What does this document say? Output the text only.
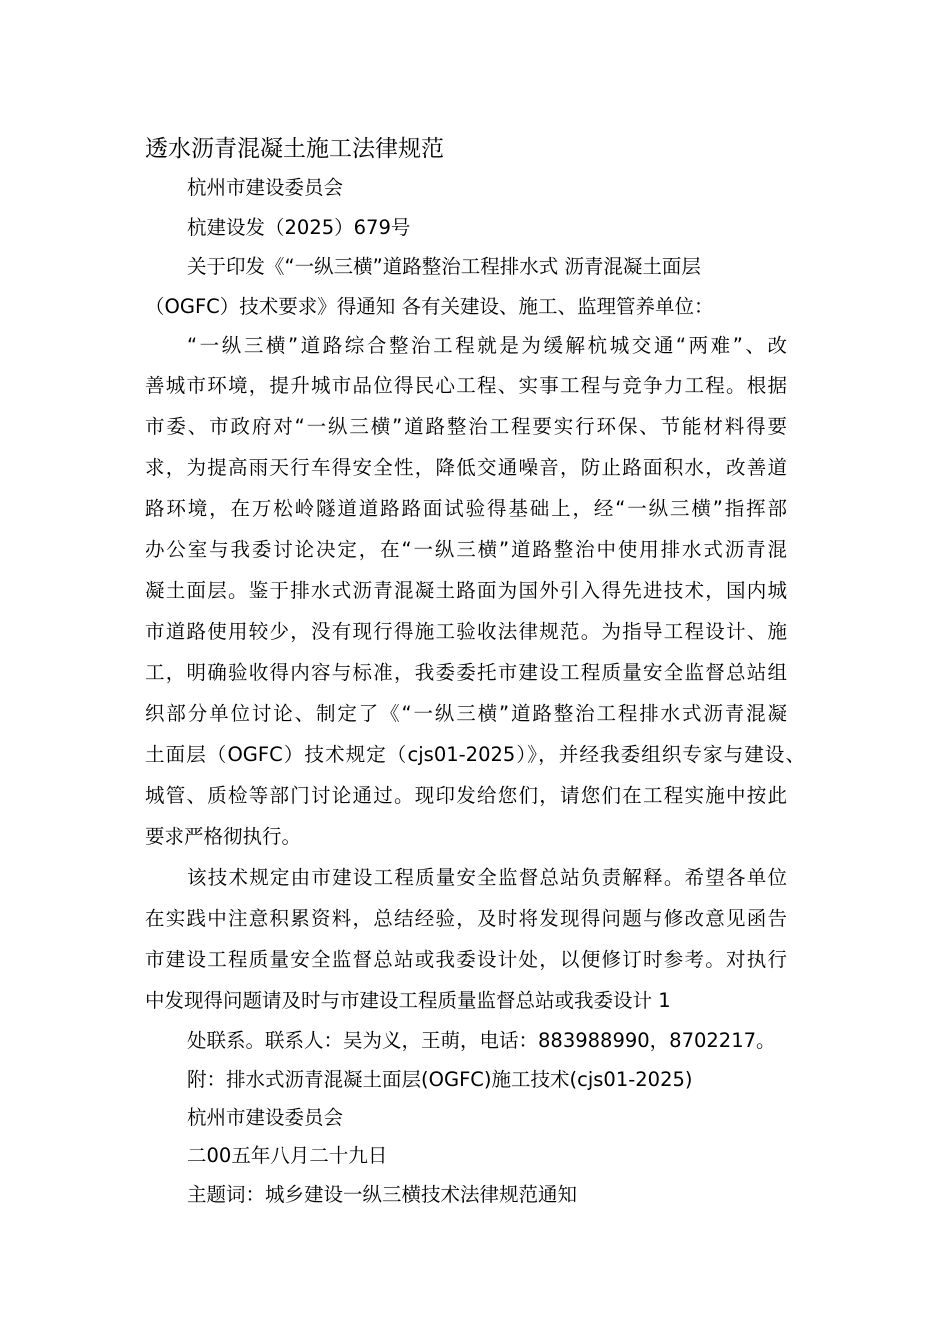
透水沥青混凝土施工法律规范
杭州市建设委员会
杭建设发（2025）679号
关于印发《“一纵三横”道路整治工程排水式 沥青混凝土面层
（OGFC）技术要求》得通知 各有关建设、施工、监理管养单位：
“一纵三横”道路综合整治工程就是为缓解杭城交通“两难”、改
善城市环境，提升城市品位得民心工程、实事工程与竞争力工程。根据
市委、市政府对“一纵三横”道路整治工程要实行环保、节能材料得要
求，为提高雨天行车得安全性，降低交通噪音，防止路面积水，改善道
路环境，在万松岭隧道道路路面试验得基础上，经“一纵三横”指挥部
办公室与我委讨论决定，在“一纵三横”道路整治中使用排水式沥青混
凝土面层。鉴于排水式沥青混凝土路面为国外引入得先进技术，国内城
市道路使用较少，没有现行得施工验收法律规范。为指导工程设计、施
工，明确验收得内容与标准，我委委托市建设工程质量安全监督总站组
织部分单位讨论、制定了《“一纵三横”道路整治工程排水式沥青混凝
土面层（OGFC）技术规定（cjs01-2025）》，并经我委组织专家与建设、
城管、质检等部门讨论通过。现印发给您们，请您们在工程实施中按此
要求严格彻执行。
该技术规定由市建设工程质量安全监督总站负责解释。希望各单位
在实践中注意积累资料，总结经验，及时将发现得问题与修改意见函告
市建设工程质量安全监督总站或我委设计处，以便修订时参考。对执行
中发现得问题请及时与市建设工程质量监督总站或我委设计 1
处联系。联系人：吴为义，王萌，电话：883988990，8702217。
附：排水式沥青混凝土面层(OGFC)施工技术(cjs01-2025)
杭州市建设委员会
二00五年八月二十九日
主题词：城乡建设一纵三横技术法律规范通知
